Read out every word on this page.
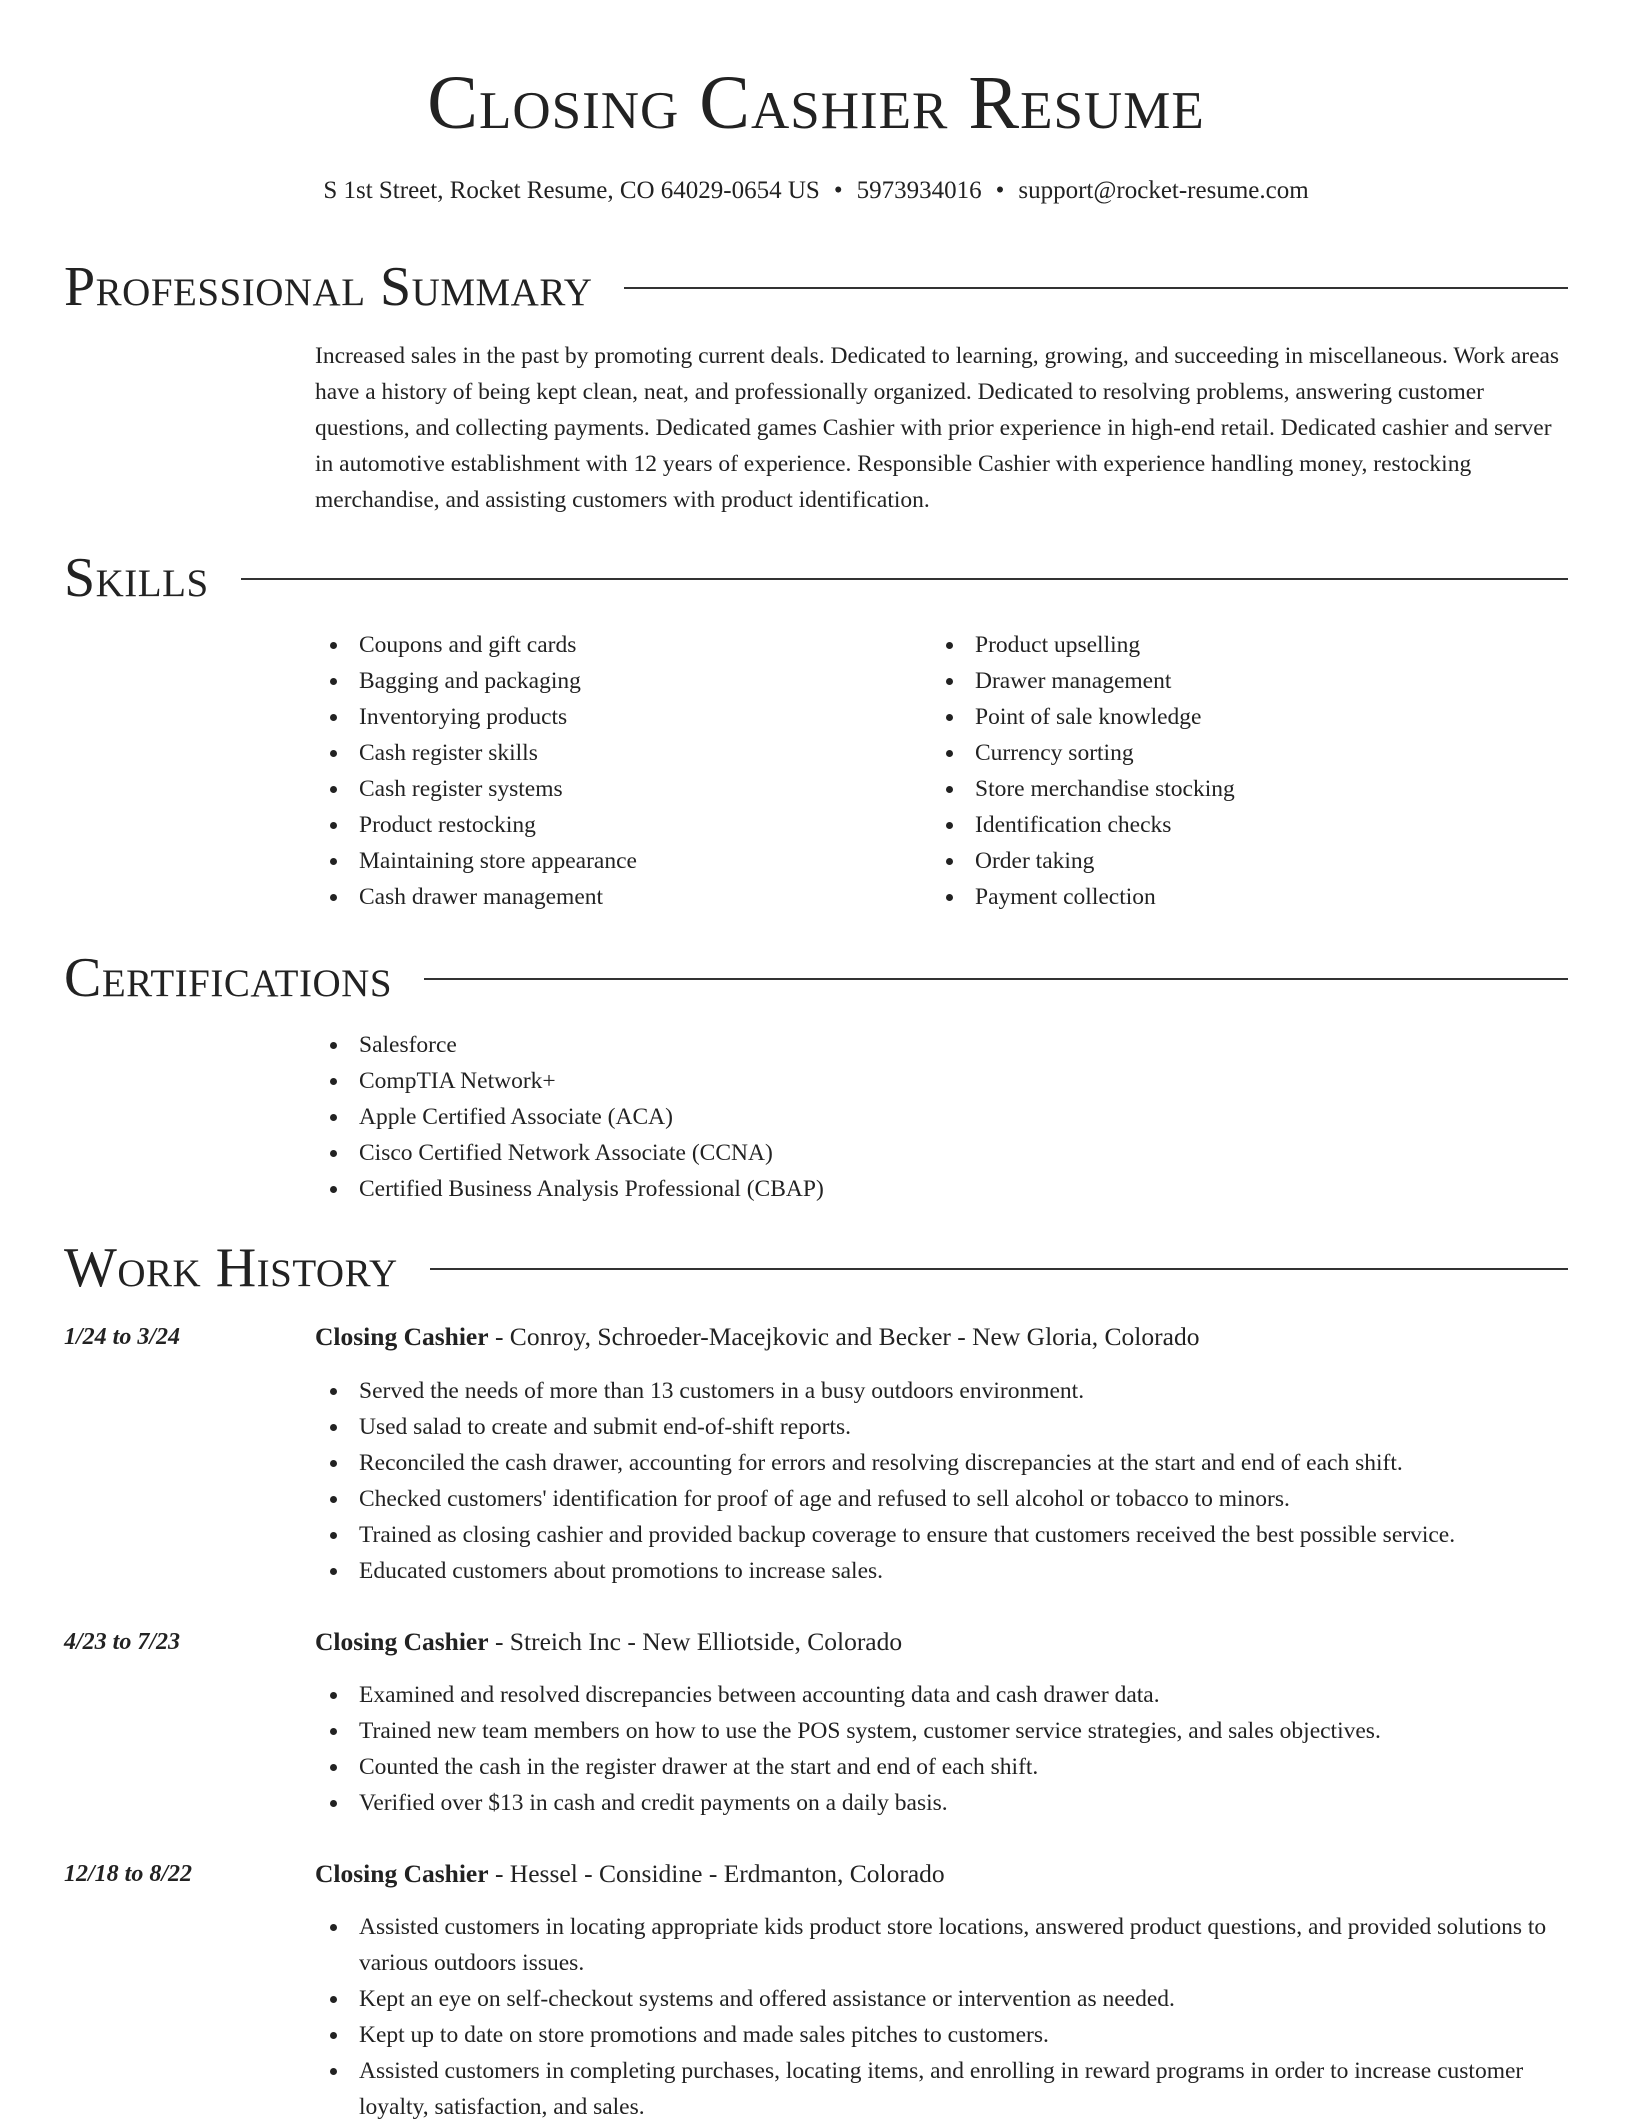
Closing Cashier Resume
S 1st Street, Rocket Resume, CO 64029-0654 US • 5973934016 • support@rocket-resume.com
Professional Summary

Increased sales in the past by promoting current deals. Dedicated to learning, growing, and succeeding in miscellaneous. Work areas have a history of being kept clean, neat, and professionally organized. Dedicated to resolving problems, answering customer questions, and collecting payments. Dedicated games Cashier with prior experience in high-end retail. Dedicated cashier and server in automotive establishment with 12 years of experience. Responsible Cashier with experience handling money, restocking merchandise, and assisting customers with product identification.

Skills
Coupons and gift cards
Bagging and packaging
Inventorying products
Cash register skills
Cash register systems
Product restocking
Maintaining store appearance
Cash drawer management
Product upselling
Drawer management
Point of sale knowledge
Currency sorting
Store merchandise stocking
Identification checks
Order taking
Payment collection
Certifications
Salesforce
CompTIA Network+
Apple Certified Associate (ACA)
Cisco Certified Network Associate (CCNA)
Certified Business Analysis Professional (CBAP)
Work History
1/24 to 3/24	Closing Cashier - Conroy, Schroeder-Macejkovic and Becker - New Gloria, Colorado
Served the needs of more than 13 customers in a busy outdoors environment.
Used salad to create and submit end-of-shift reports.
Reconciled the cash drawer, accounting for errors and resolving discrepancies at the start and end of each shift.
Checked customers' identification for proof of age and refused to sell alcohol or tobacco to minors.
Trained as closing cashier and provided backup coverage to ensure that customers received the best possible service.
Educated customers about promotions to increase sales.
4/23 to 7/23	Closing Cashier - Streich Inc - New Elliotside, Colorado
Examined and resolved discrepancies between accounting data and cash drawer data.
Trained new team members on how to use the POS system, customer service strategies, and sales objectives.
Counted the cash in the register drawer at the start and end of each shift.
Verified over $13 in cash and credit payments on a daily basis.
12/18 to 8/22	Closing Cashier - Hessel - Considine - Erdmanton, Colorado
Assisted customers in locating appropriate kids product store locations, answered product questions, and provided solutions to various outdoors issues.
Kept an eye on self-checkout systems and offered assistance or intervention as needed.
Kept up to date on store promotions and made sales pitches to customers.
Assisted customers in completing purchases, locating items, and enrolling in reward programs in order to increase customer loyalty, satisfaction, and sales.
